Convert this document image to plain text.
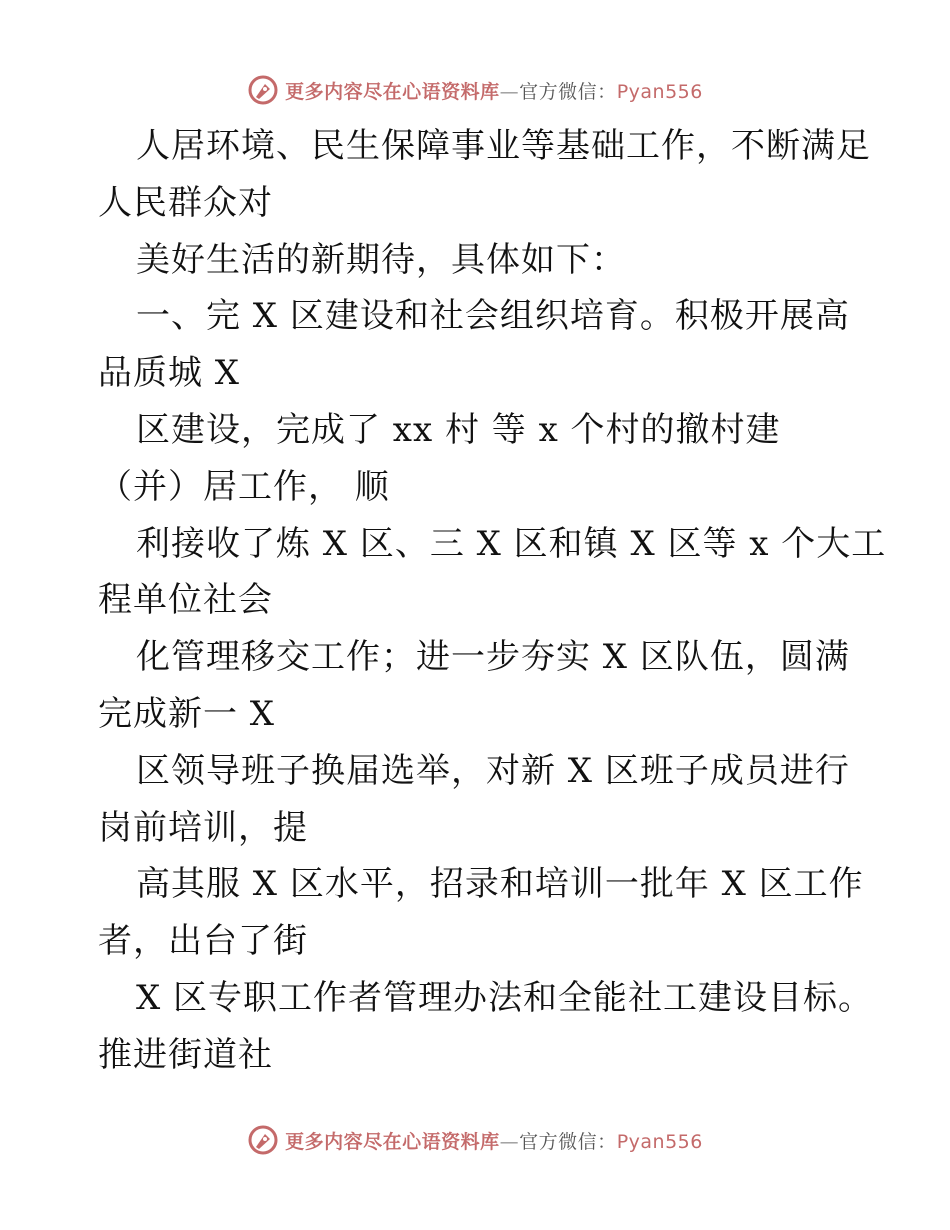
更多内容尽在心语资料库—官方微信：Pyan556
人居环境、民生保障事业等基础工作，不断满足
人民群众对
美好生活的新期待，具体如下：
一、完 X 区建设和社会组织培育。积极开展高
品质城 X
区建设，完成了 xx 村 等 x 个村的撤村建
（并）居工作， 顺
利接收了炼 X 区、三 X 区和镇 X 区等 x 个大工
程单位社会
化管理移交工作；进一步夯实 X 区队伍，圆满
完成新一 X
区领导班子换届选举，对新 X 区班子成员进行
岗前培训，提
高其服 X 区水平，招录和培训一批年 X 区工作
者，出台了街
X 区专职工作者管理办法和全能社工建设目标。
推进街道社
更多内容尽在心语资料库—官方微信：Pyan556
